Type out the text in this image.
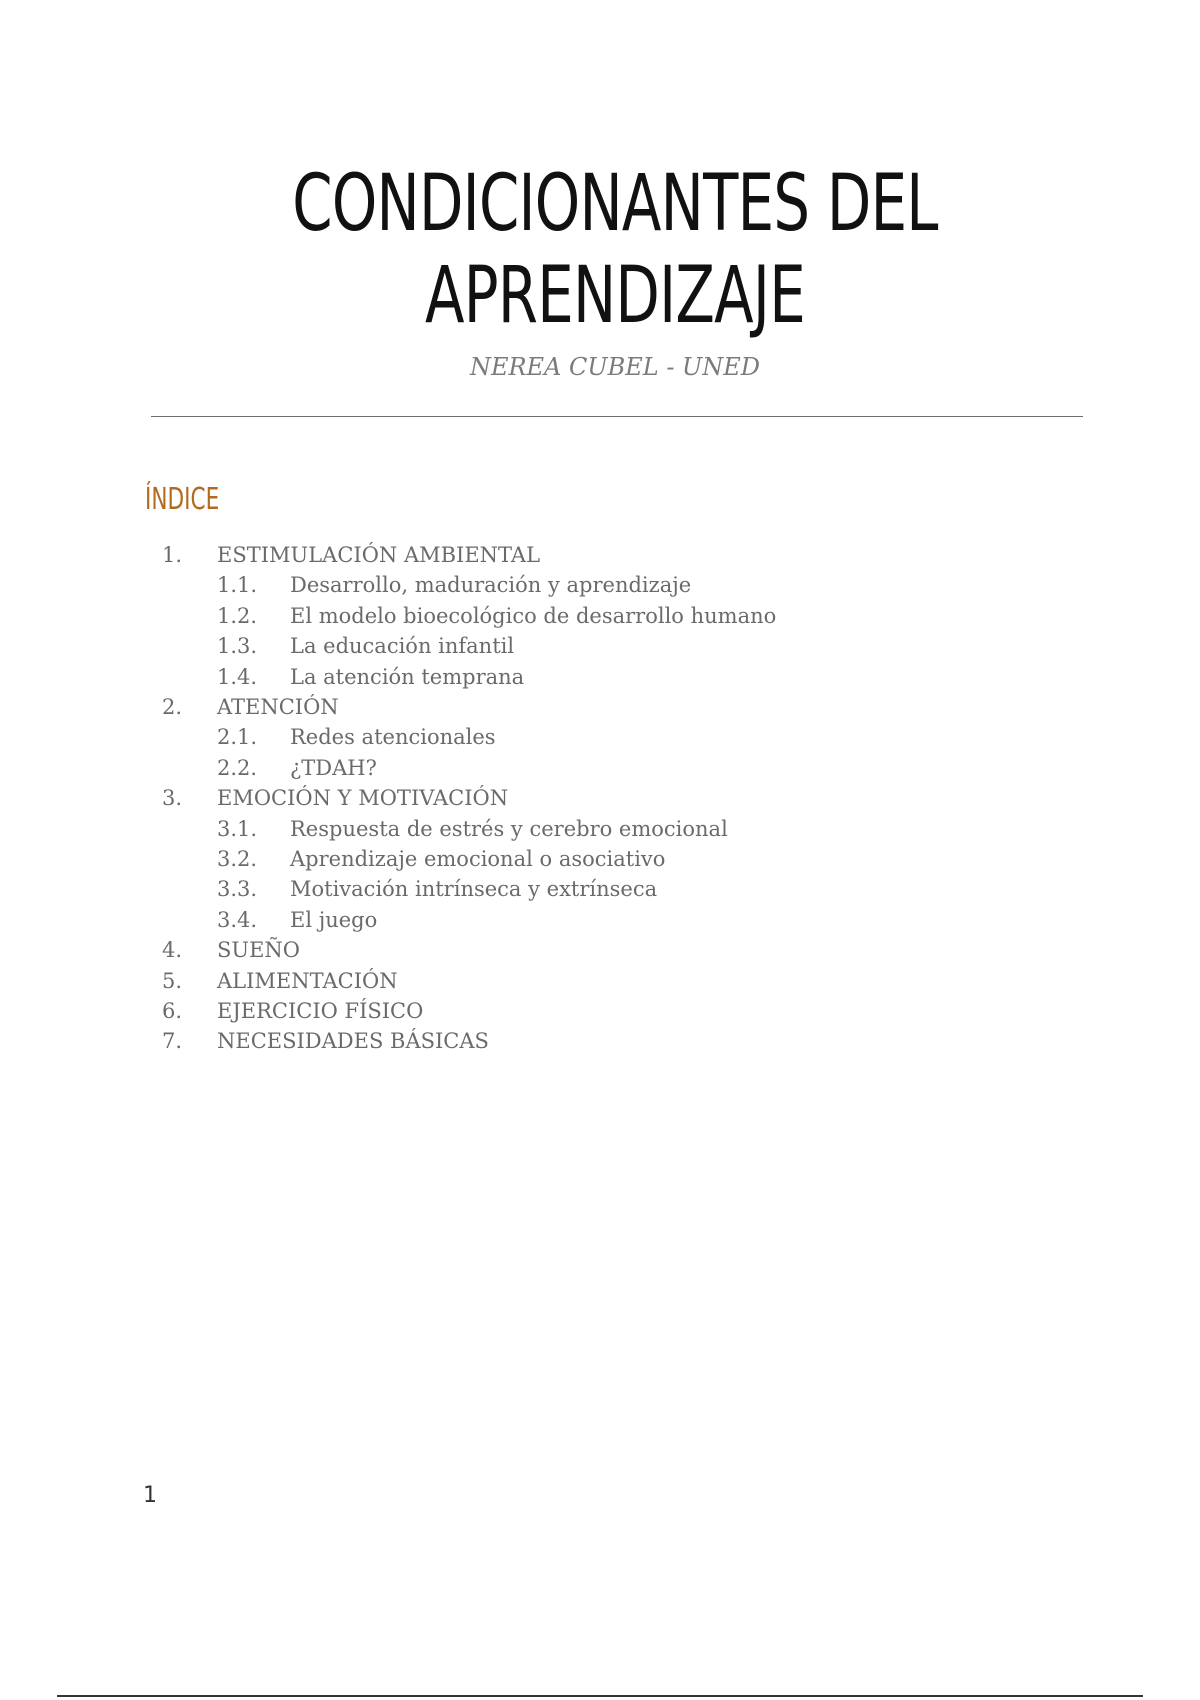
CONDICIONANTES DEL
APRENDIZAJE
NEREA CUBEL - UNED
ÍNDICE
1. ESTIMULACIÓN AMBIENTAL
1.1. Desarrollo, maduración y aprendizaje
1.2. El modelo bioecológico de desarrollo humano
1.3. La educación infantil
1.4. La atención temprana
2. ATENCIÓN
2.1. Redes atencionales
2.2. ¿TDAH?
3. EMOCIÓN Y MOTIVACIÓN
3.1. Respuesta de estrés y cerebro emocional
3.2. Aprendizaje emocional o asociativo
3.3. Motivación intrínseca y extrínseca
3.4. El juego
4. SUEÑO
5. ALIMENTACIÓN
6. EJERCICIO FÍSICO
7. NECESIDADES BÁSICAS
1
